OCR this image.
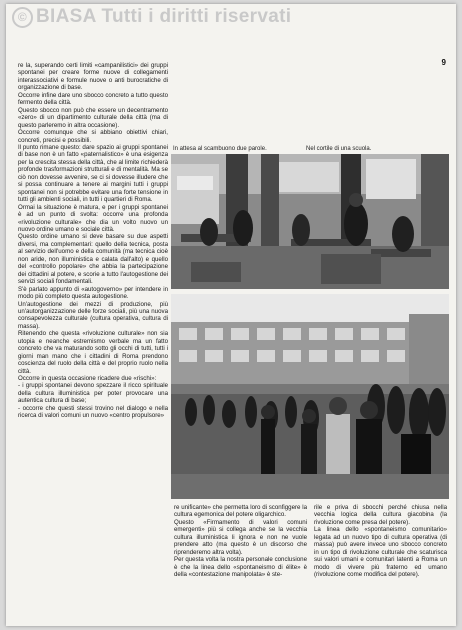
© BIASA Tutti i diritti riservati
9

re la, superando certi limiti «campanilistici» dei gruppi spontanei per creare forme nuove di collegamenti interassociativi e formule nuove o anti burocratiche di organizzazione di base.

Occorre infine dare uno sbocco concreto a tutto questo fermento della città.

Questo sbocco non può che essere un decentramento «zero» di un dipartimento culturale della città (ma di questo parleremo in altra occasione).

Occorre comunque che si abbiano obiettivi chiari, concreti, precisi e possibili.

Il punto rimane questo: dare spazio ai gruppi spontanei di base non è un fatto «paternalistico» è una esigenza per la crescita stessa della città, che al limite richiederà profonde trasformazioni strutturali e di mentalità. Ma se ciò non dovesse avvenire, se ci si dovesse illudere che si possa continuare a tenere ai margini tutti i gruppi spontanei non si potrebbe evitare una forte tensione in tutti gli ambienti sociali, in tutti i quartieri di Roma.

Ormai la situazione è matura, e per i gruppi spontanei è ad un punto di svolta: occorre una profonda «rivoluzione culturale» che dia un volto nuovo un nuovo ordine umano e sociale città.

Questo ordine umano si deve basare su due aspetti diversi, ma complementari: quello della tecnica, posta al servizio dell'uomo e della comunità (ma tecnica cioè non aride, non illuministica e calata dall'alto) e quello del «controllo popolare» che abbia la partecipazione dei cittadini al potere, e scorie a tutto l'autogestione dei servizi sociali fondamentali.

S'è parlato appunto di «autogoverno» per intendere in modo più completo questa autogestione.

Un'autogestione dei mezzi di produzione, più un'autorganizzazione delle forze sociali, più una nuova consapevolezza culturale (cultura operativa, cultura di massa).

Ritenendo che questa «rivoluzione culturale» non sia utopia e neanche estremismo verbale ma un fatto concreto che va maturando sotto gli occhi di tutti, tutti i giorni man mano che i cittadini di Roma prendono coscienza del ruolo della città e del proprio ruolo nella città.

Occorre in questa occasione ricadere due «rischi»:

- i gruppi spontanei devono spezzare il ricco spirituale della cultura illuministica per poter provocare una autentica cultura di base;

- occorre che questi stessi trovino nel dialogo e nella ricerca di valori comuni un nuovo «centro propulsore»

In attesa al scambuono due parole.	Nel cortile di una scuola.

re unificante» che permetta loro di sconfiggere la cultura egemonica del potere oligarchico.

Questo «Firmamento di valori comuni emergenti» più si collega anche se la vecchia cultura illuministica li ignora e non ne vuole prendere atto (ma questo è un discorso che riprenderemo altra volta).

Per questa volta la nostra personale conclusione è che la linea dello «spontaneismo di élite» è della «contestazione manipolata» è ste-

rile e priva di sbocchi perché chiusa nella vecchia logica della cultura giacobina (la rivoluzione come presa del potere).

La linea dello «spontaneismo comunitario» legata ad un nuovo tipo di cultura operativa (di massa) può avere invece uno sbocco concreto in un tipo di rivoluzione culturale che scaturisca sui valori umani e comunitari latenti a Roma un modo di vivere più fraterno ed umano (rivoluzione come modifica del potere).
